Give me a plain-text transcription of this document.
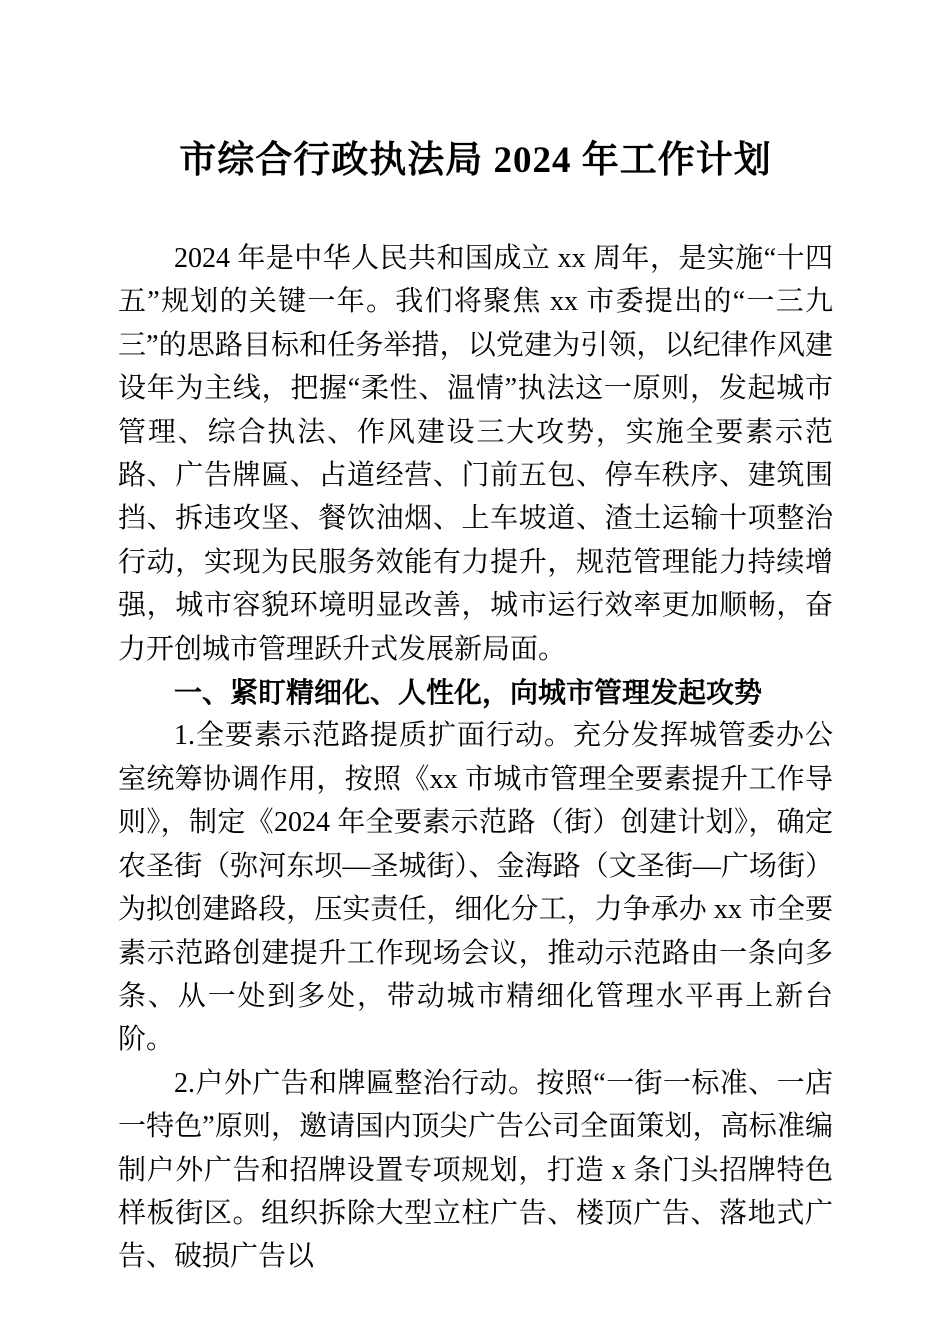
市综合行政执法局 2024 年工作计划

2024 年是中华人民共和国成立 xx 周年，是实施“十四五”规划的关键一年。我们将聚焦 xx 市委提出的“一三九三”的思路目标和任务举措，以党建为引领，以纪律作风建设年为主线，把握“柔性、温情”执法这一原则，发起城市管理、综合执法、作风建设三大攻势，实施全要素示范路、广告牌匾、占道经营、门前五包、停车秩序、建筑围挡、拆违攻坚、餐饮油烟、上车坡道、渣土运输十项整治行动，实现为民服务效能有力提升，规范管理能力持续增强，城市容貌环境明显改善，城市运行效率更加顺畅，奋力开创城市管理跃升式发展新局面。

一、紧盯精细化、人性化，向城市管理发起攻势

1.全要素示范路提质扩面行动。充分发挥城管委办公室统筹协调作用，按照《xx 市城市管理全要素提升工作导则》，制定《2024 年全要素示范路（街）创建计划》，确定农圣街（弥河东坝—圣城街）、金海路（文圣街—广场街）为拟创建路段，压实责任，细化分工，力争承办 xx 市全要素示范路创建提升工作现场会议，推动示范路由一条向多条、从一处到多处，带动城市精细化管理水平再上新台阶。

2.户外广告和牌匾整治行动。按照“一街一标准、一店一特色”原则，邀请国内顶尖广告公司全面策划，高标准编制户外广告和招牌设置专项规划，打造 x 条门头招牌特色样板街区。组织拆除大型立柱广告、楼顶广告、落地式广告、破损广告以
